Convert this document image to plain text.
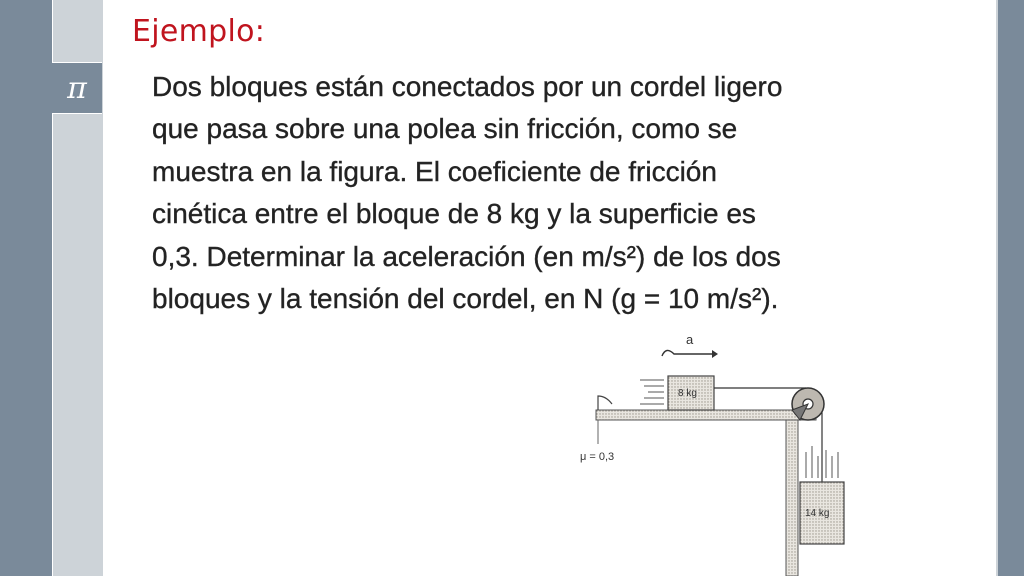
π
Ejemplo:
Dos bloques están conectados por un cordel ligero
que pasa sobre una polea sin fricción, como se
muestra en la figura. El coeficiente de fricción
cinética entre el bloque de 8 kg y la superficie es
0,3. Determinar la aceleración (en m/s²) de los dos
bloques y la tensión del cordel, en N (g = 10 m/s²).
μ = 0,3
8 kg
a
14 kg
